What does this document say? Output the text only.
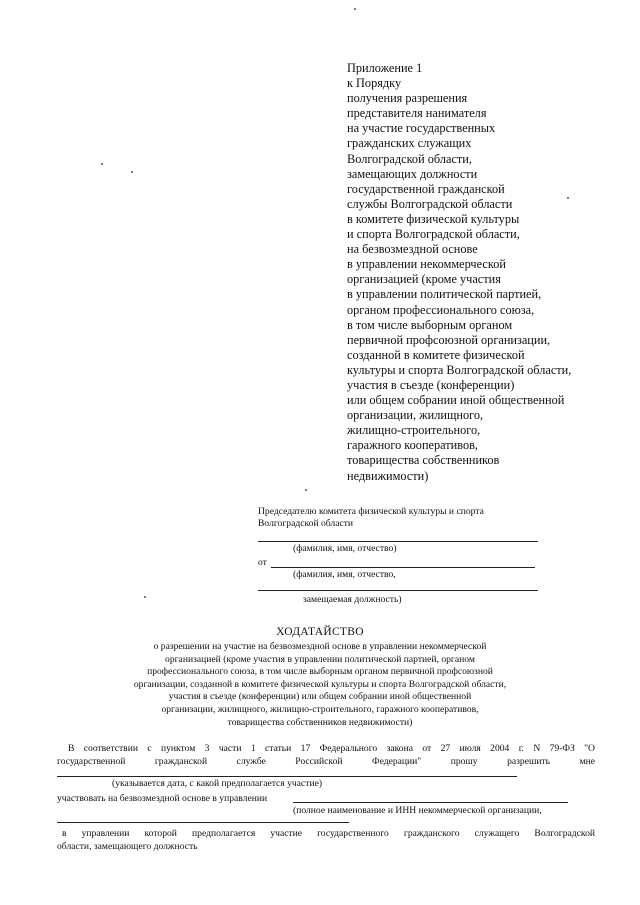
Приложение 1
к Порядку
получения разрешения
представителя нанимателя
на участие государственных
гражданских служащих
Волгоградской области,
замещающих должности
государственной гражданской
службы Волгоградской области
в комитете физической культуры
и спорта Волгоградской области,
на безвозмездной основе
в управлении некоммерческой
организацией (кроме участия
в управлении политической партией,
органом профессионального союза,
в том числе выборным органом
первичной профсоюзной организации,
созданной в комитете физической
культуры и спорта Волгоградской области,
участия в съезде (конференции)
или общем собрании иной общественной
организации, жилищного,
жилищно-строительного,
гаражного кооперативов,
товарищества собственников
недвижимости)
Председателю комитета физической культуры и спорта
Волгоградской области
(фамилия, имя, отчество)
от
(фамилия, имя, отчество,
замещаемая должность)
ХОДАТАЙСТВО
о разрешении на участие на безвозмездной основе в управлении некоммерческой
организацией (кроме участия в управлении политической партией, органом
профессионального союза, в том числе выборным органом первичной профсоюзной
организации, созданной в комитете физической культуры и спорта Волгоградской области,
участия в съезде (конференции) или общем собрании иной общественной
организации, жилищного, жилищно-строительного, гаражного кооперативов,
товарищества собственников недвижимости)
В соответствии с пунктом 3 части 1 статьи 17 Федерального закона от 27 июля 2004 г. N 79-ФЗ "О
государственной гражданской службе Российской Федерации" прошу разрешить мне
(указывается дата, с какой предполагается участие)
участвовать на безвозмездной основе в управлении
(полное наименование и ИНН некоммерческой организации,
в управлении которой предполагается участие государственного гражданского служащего Волгоградской
области, замещающего должность
